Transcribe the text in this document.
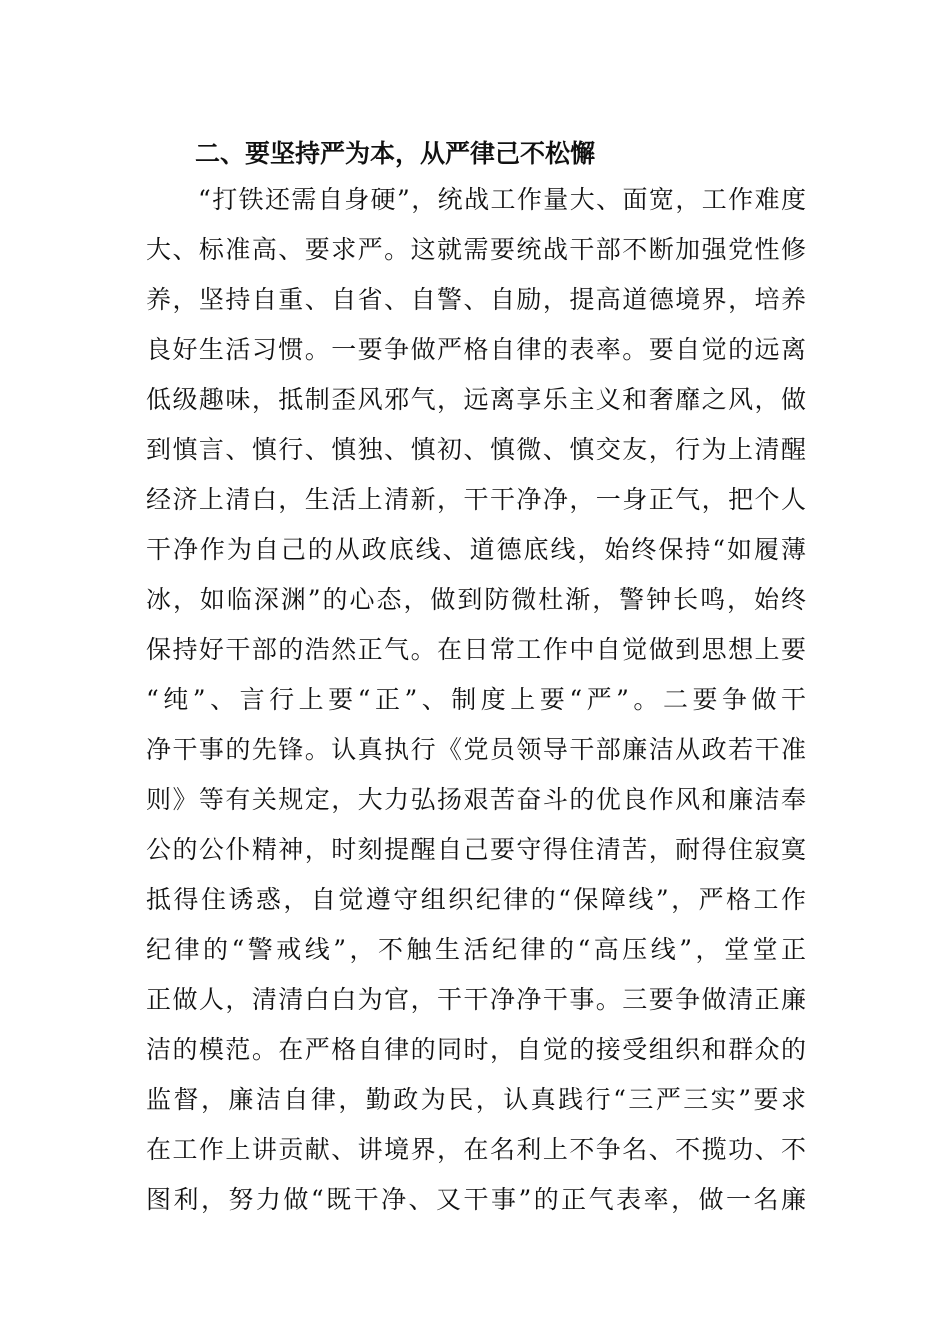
二、要坚持严为本，从严律己不松懈
“打铁还需自身硬”，统战工作量大、面宽，工作难度
大、标准高、要求严。这就需要统战干部不断加强党性修
养，坚持自重、自省、自警、自励，提高道德境界，培养
良好生活习惯。一要争做严格自律的表率。要自觉的远离
低级趣味，抵制歪风邪气，远离享乐主义和奢靡之风，做
到慎言、慎行、慎独、慎初、慎微、慎交友，行为上清醒
经济上清白，生活上清新，干干净净，一身正气，把个人
干净作为自己的从政底线、道德底线，始终保持“如履薄
冰，如临深渊”的心态，做到防微杜渐，警钟长鸣，始终
保持好干部的浩然正气。在日常工作中自觉做到思想上要
“纯”、言行上要“正”、制度上要“严”。二要争做干
净干事的先锋。认真执行《党员领导干部廉洁从政若干准
则》等有关规定，大力弘扬艰苦奋斗的优良作风和廉洁奉
公的公仆精神，时刻提醒自己要守得住清苦，耐得住寂寞
抵得住诱惑，自觉遵守组织纪律的“保障线”，严格工作
纪律的“警戒线”，不触生活纪律的“高压线”，堂堂正
正做人，清清白白为官，干干净净干事。三要争做清正廉
洁的模范。在严格自律的同时，自觉的接受组织和群众的
监督，廉洁自律，勤政为民，认真践行“三严三实”要求
在工作上讲贡献、讲境界，在名利上不争名、不揽功、不
图利，努力做“既干净、又干事”的正气表率，做一名廉
